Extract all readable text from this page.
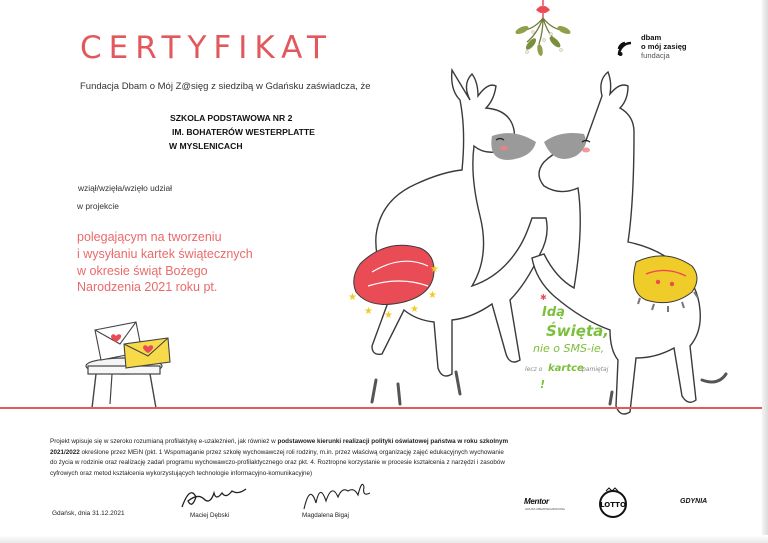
CERTYFIKAT
Fundacja Dbam o Mój Z@sięg z siedzibą w Gdańsku zaświadcza, że
SZKOLA PODSTAWOWA NR 2
IM. BOHATERÓW WESTERPLATTE
W MYSLENICACH
wziął/wzięła/wzięło udział
w projekcie
polegającym na tworzeniu
i wysyłaniu kartek świątecznych
w okresie świąt Bożego
Narodzenia 2021 roku pt.
dbam
o mój zasięg
fundacja
★
★ ★
★
★
★
✱
Idą
Święta,
nie o SMS-ie,
lecz o kartce
pamiętaj
!
Projekt wpisuje się w szeroko rozumianą profilaktykę e-uzależnień, jak również w podstawowe kierunki realizacji polityki oświatowej państwa w roku szkolnym
2021/2022 określone przez MEiN (pkt. 1 Wspomaganie przez szkołę wychowawczej roli rodziny, m.in. przez właściwą organizację zajęć edukacyjnych wychowanie
do życia w rodzinie oraz realizację zadań programu wychowawczo-profilaktycznego oraz pkt. 4. Roztropne korzystanie w procesie kształcenia z narzędzi i zasobów
cyfrowych oraz metod kształcenia wykorzystujących technologie informacyjno-komunikacyjne)
Gdańsk, dnia 31.12.2021	Maciej Dębski	Magdalena Bigaj
Mentor
GRUPA UBEZPIECZENIOWA	LOTTO	GDYNIA
